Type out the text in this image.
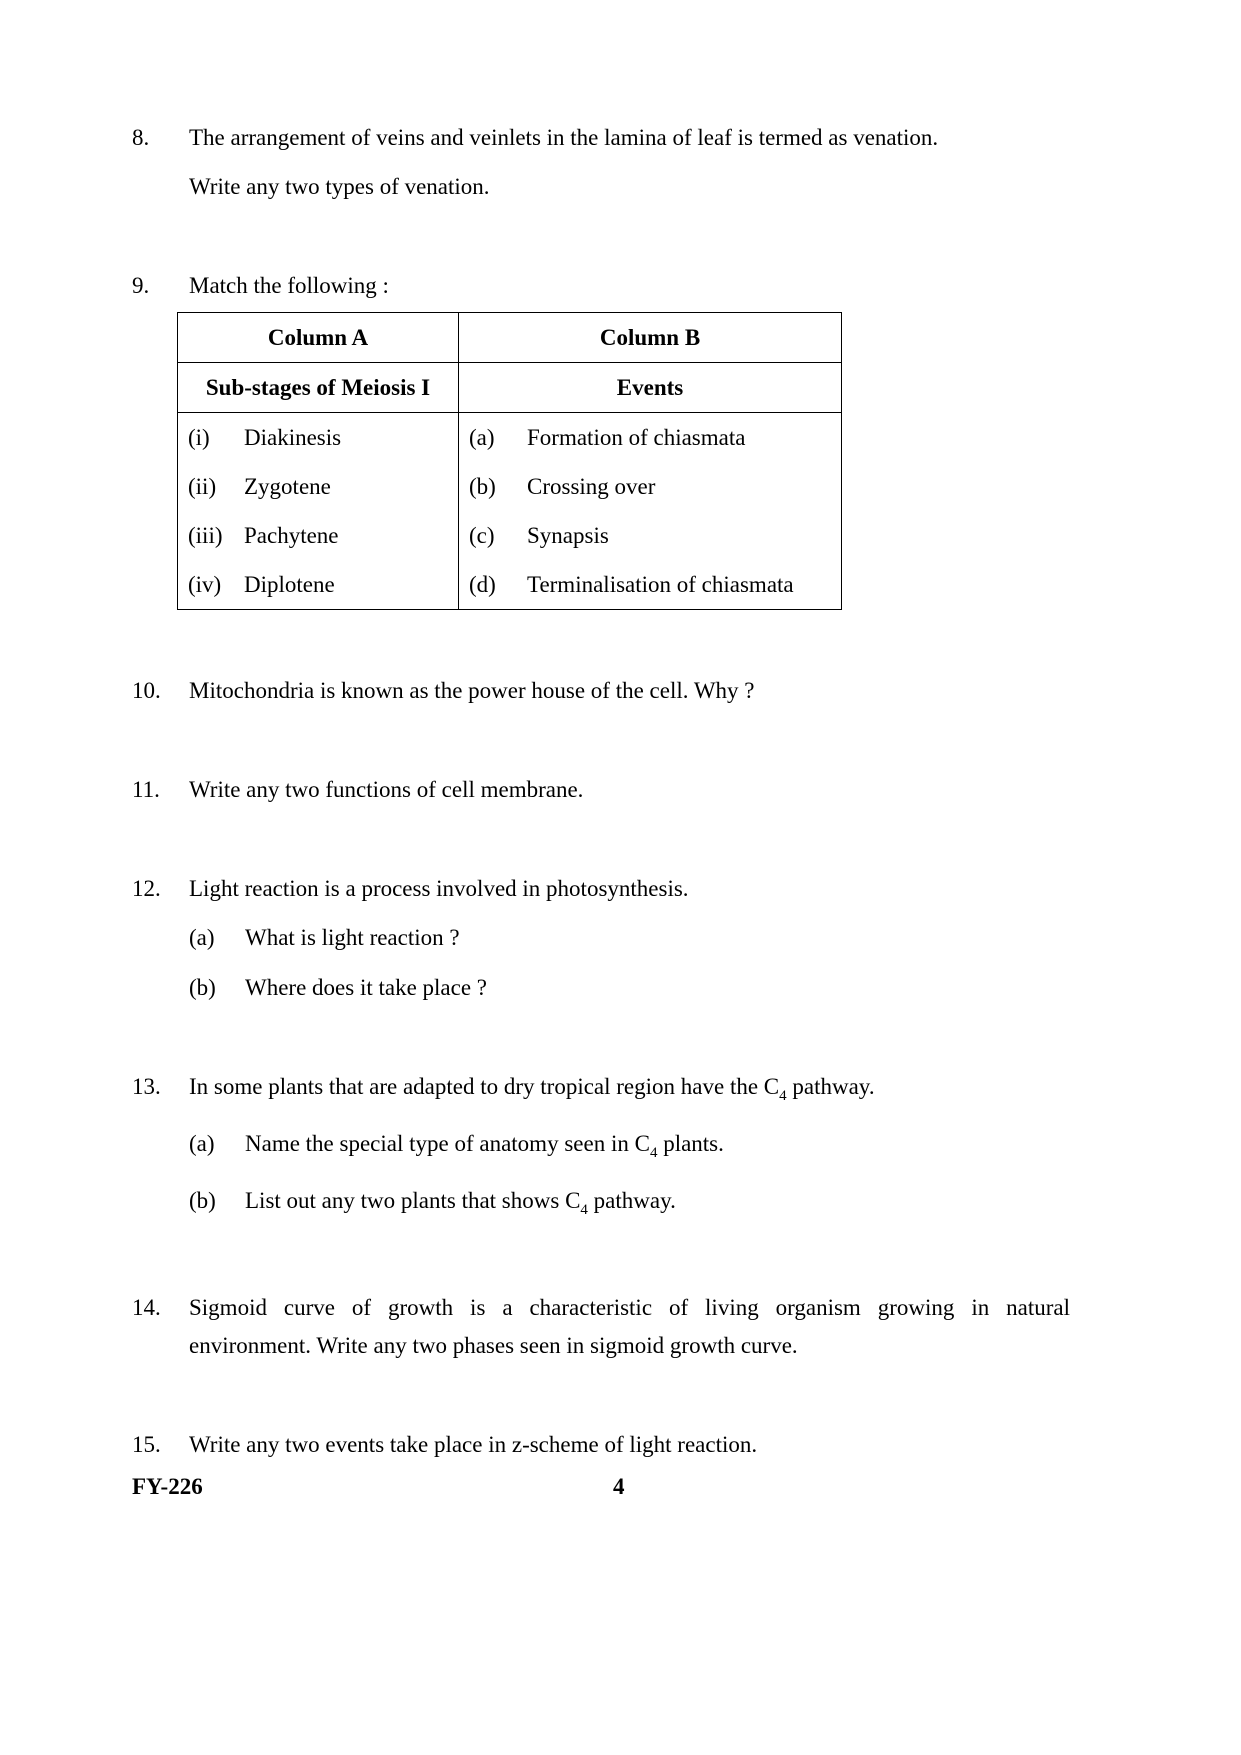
8. The arrangement of veins and veinlets in the lamina of leaf is termed as venation.
Write any two types of venation.
9. Match the following :
Column A	Column B
Sub-stages of Meiosis I	Events
(i) Diakinesis	(a) Formation of chiasmata
(ii) Zygotene	(b) Crossing over
(iii) Pachytene	(c) Synapsis
(iv) Diplotene	(d) Terminalisation of chiasmata
10. Mitochondria is known as the power house of the cell. Why ?
11. Write any two functions of cell membrane.
12. Light reaction is a process involved in photosynthesis.
(a) What is light reaction ?
(b) Where does it take place ?
13. In some plants that are adapted to dry tropical region have the $C_4$ pathway.
(a) Name the special type of anatomy seen in $C_4$ plants.
(b) List out any two plants that shows $C_4$ pathway.
14. Sigmoid curve of growth is a characteristic of living organism growing in natural
environment. Write any two phases seen in sigmoid growth curve.
15. Write any two events take place in z-scheme of light reaction.
FY-226	4
